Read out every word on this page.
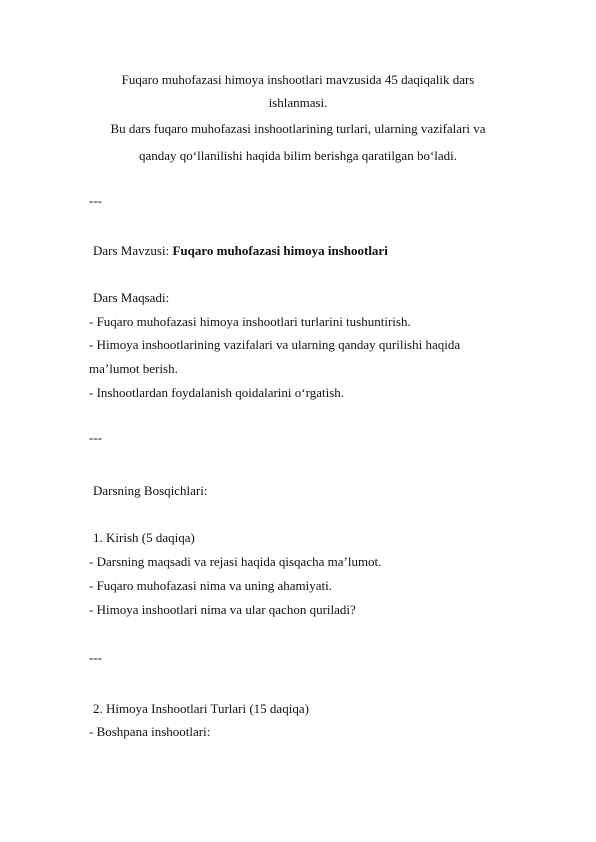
Fuqaro muhofazasi himoya inshootlari mavzusida 45 daqiqalik dars
ishlanmasi.
Bu dars fuqaro muhofazasi inshootlarining turlari, ularning vazifalari va
qanday qo‘llanilishi haqida bilim berishga qaratilgan bo‘ladi.
---
Dars Mavzusi: Fuqaro muhofazasi himoya inshootlari
Dars Maqsadi:
- Fuqaro muhofazasi himoya inshootlari turlarini tushuntirish.
- Himoya inshootlarining vazifalari va ularning qanday qurilishi haqida
ma’lumot berish.
- Inshootlardan foydalanish qoidalarini o‘rgatish.
---
Darsning Bosqichlari:
1. Kirish (5 daqiqa)
- Darsning maqsadi va rejasi haqida qisqacha ma’lumot.
- Fuqaro muhofazasi nima va uning ahamiyati.
- Himoya inshootlari nima va ular qachon quriladi?
---
2. Himoya Inshootlari Turlari (15 daqiqa)
- Boshpana inshootlari:
